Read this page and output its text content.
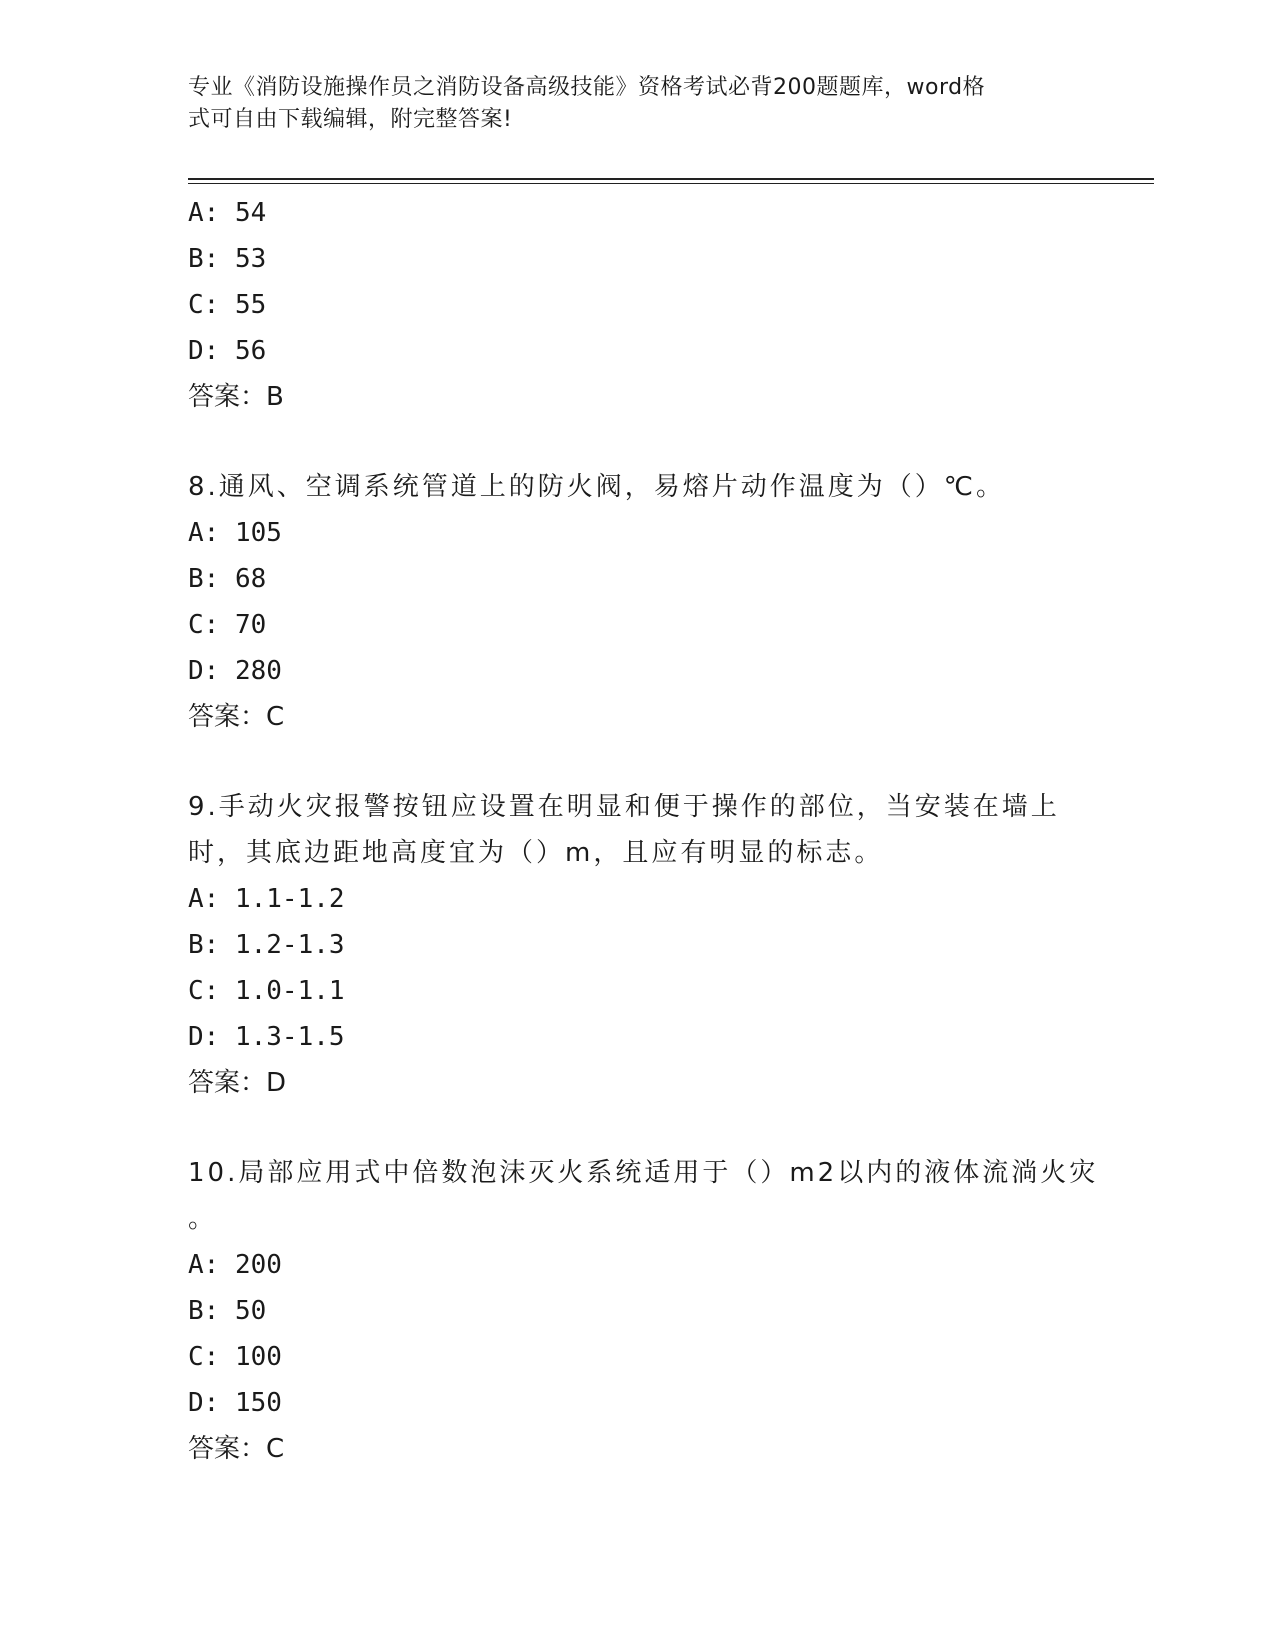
专业《消防设施操作员之消防设备高级技能》资格考试必背200题题库，word格
式可自由下载编辑，附完整答案!
A: 54
B: 53
C: 55
D: 56
答案：B
8.通风、空调系统管道上的防火阀，易熔片动作温度为（）℃。
A: 105
B: 68
C: 70
D: 280
答案：C
9.手动火灾报警按钮应设置在明显和便于操作的部位，当安装在墙上
时，其底边距地高度宜为（）m，且应有明显的标志。
A: 1.1-1.2
B: 1.2-1.3
C: 1.0-1.1
D: 1.3-1.5
答案：D
10.局部应用式中倍数泡沫灭火系统适用于（）m2以内的液体流淌火灾
。
A: 200
B: 50
C: 100
D: 150
答案：C
